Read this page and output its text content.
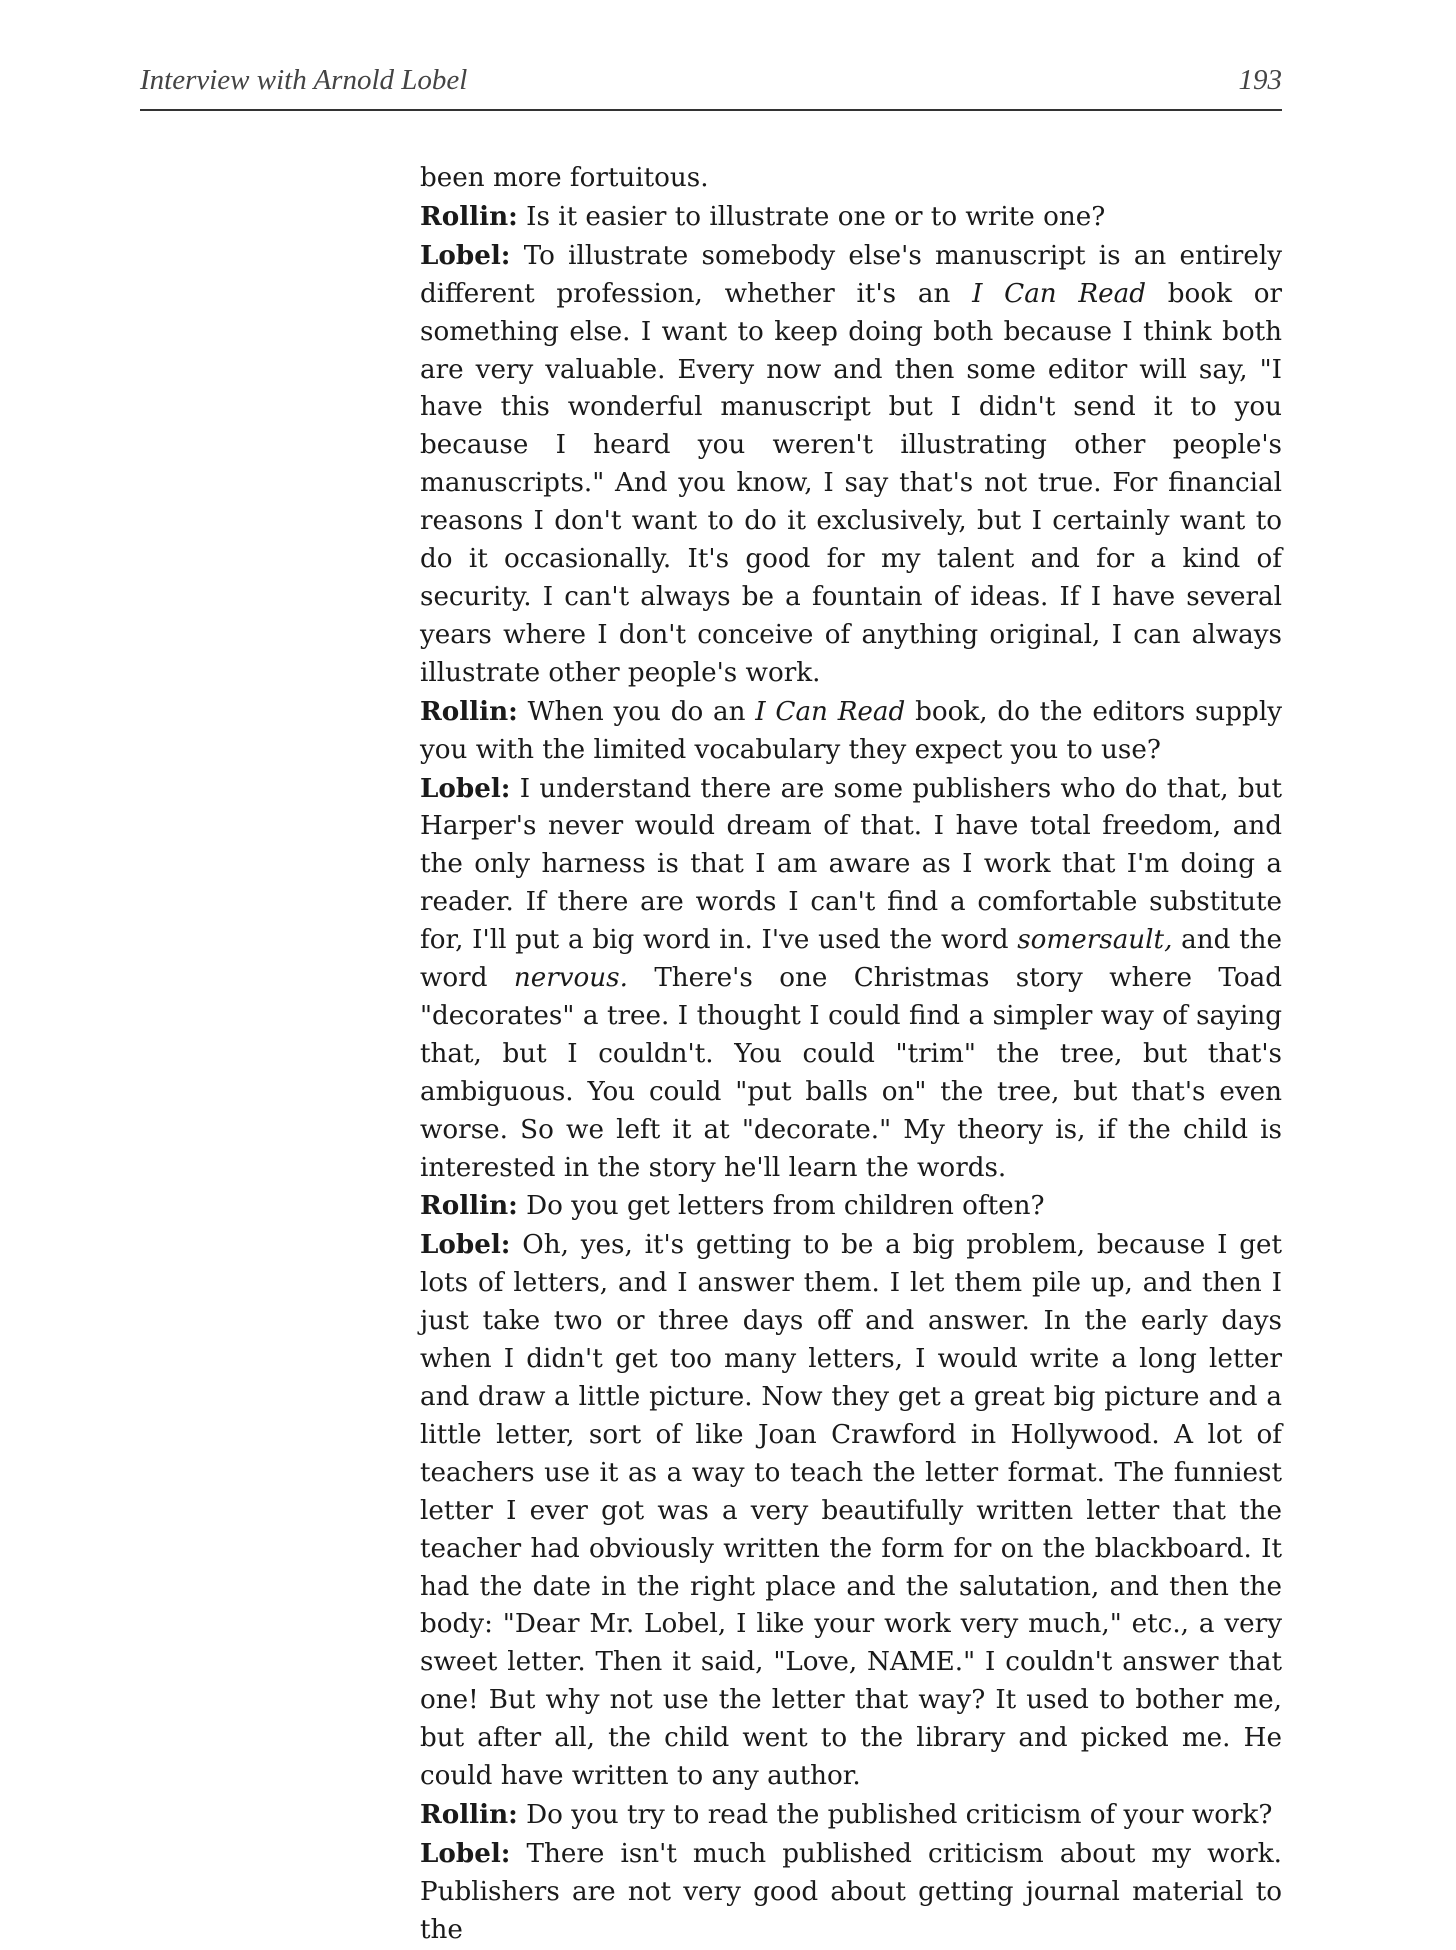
Interview with Arnold Lobel	193

been more fortuitous.

Rollin: Is it easier to illustrate one or to write one?

Lobel: To illustrate somebody else's manuscript is an entirely different profession, whether it's an I Can Read book or something else. I want to keep doing both because I think both are very valuable. Every now and then some editor will say, "I have this wonderful manuscript but I didn't send it to you because I heard you weren't illustrating other people's manuscripts." And you know, I say that's not true. For financial reasons I don't want to do it exclusively, but I certainly want to do it occasionally. It's good for my talent and for a kind of security. I can't always be a fountain of ideas. If I have several years where I don't conceive of anything original, I can always illustrate other people's work.

Rollin: When you do an I Can Read book, do the editors supply you with the limited vocabulary they expect you to use?

Lobel: I understand there are some publishers who do that, but Harper's never would dream of that. I have total freedom, and the only harness is that I am aware as I work that I'm doing a reader. If there are words I can't find a comfortable substitute for, I'll put a big word in. I've used the word somersault, and the word nervous. There's one Christmas story where Toad "decorates" a tree. I thought I could find a simpler way of saying that, but I couldn't. You could "trim" the tree, but that's ambiguous. You could "put balls on" the tree, but that's even worse. So we left it at "decorate." My theory is, if the child is interested in the story he'll learn the words.

Rollin: Do you get letters from children often?

Lobel: Oh, yes, it's getting to be a big problem, because I get lots of letters, and I answer them. I let them pile up, and then I just take two or three days off and answer. In the early days when I didn't get too many letters, I would write a long letter and draw a little picture. Now they get a great big picture and a little letter, sort of like Joan Crawford in Hollywood. A lot of teachers use it as a way to teach the letter format. The funniest letter I ever got was a very beautifully written letter that the teacher had obviously written the form for on the blackboard. It had the date in the right place and the salutation, and then the body: "Dear Mr. Lobel, I like your work very much," etc., a very sweet letter. Then it said, "Love, NAME." I couldn't answer that one! But why not use the letter that way? It used to bother me, but after all, the child went to the library and picked me. He could have written to any author.

Rollin: Do you try to read the published criticism of your work?

Lobel: There isn't much published criticism about my work. Publishers are not very good about getting journal material to the
